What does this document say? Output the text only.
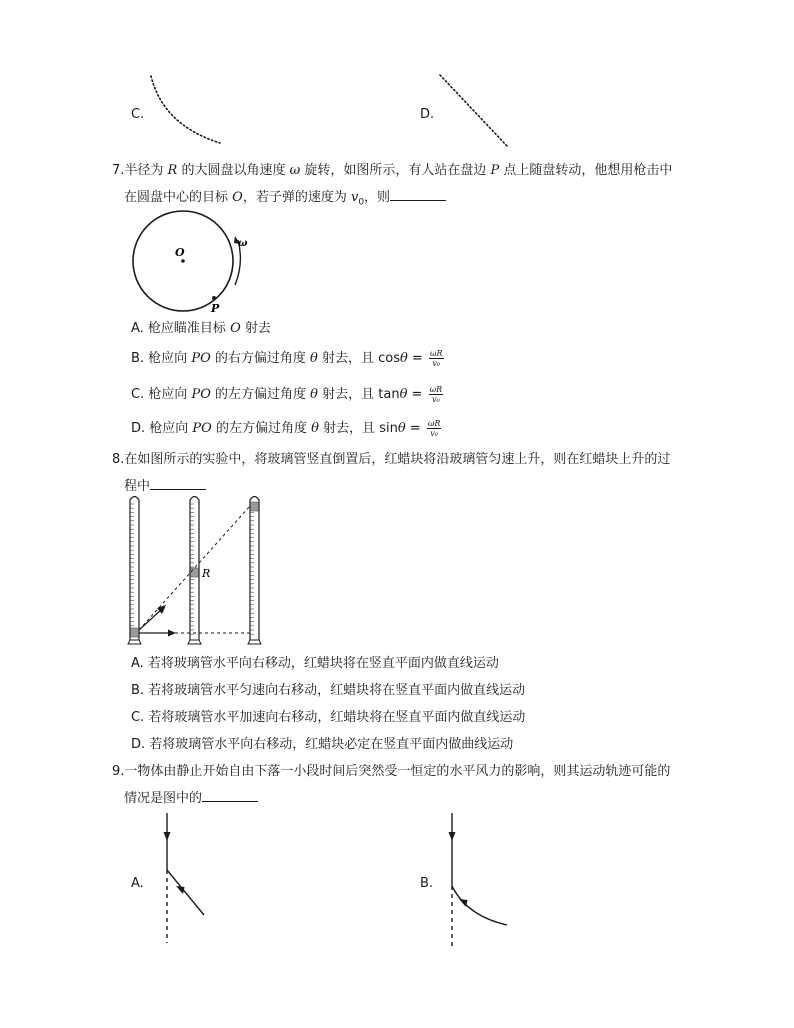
C.	D.
7.半径为 R 的大圆盘以角速度 ω 旋转，如图所示，有人站在盘边 P 点上随盘转动，他想用枪击中
在圆盘中心的目标 O，若子弹的速度为 $v_0$，则
O
P
ω
A. 枪应瞄准目标 O 射去
B. 枪应向 PO 的右方偏过角度 θ 射去，且 $\cos\theta = \frac{\omega R}{\text{v₀}}$
C. 枪应向 PO 的左方偏过角度 θ 射去，且 $\tan\theta = \frac{\omega R}{\text{v₀}}$
D. 枪应向 PO 的左方偏过角度 θ 射去，且 $\sin\theta = \frac{\omega R}{\text{v₀}}$
8.在如图所示的实验中，将玻璃管竖直倒置后，红蜡块将沿玻璃管匀速上升，则在红蜡块上升的过
程中
R
A. 若将玻璃管水平向右移动，红蜡块将在竖直平面内做直线运动
B. 若将玻璃管水平匀速向右移动，红蜡块将在竖直平面内做直线运动
C. 若将玻璃管水平加速向右移动，红蜡块将在竖直平面内做直线运动
D. 若将玻璃管水平向右移动，红蜡块必定在竖直平面内做曲线运动
9.一物体由静止开始自由下落一小段时间后突然受一恒定的水平风力的影响，则其运动轨迹可能的
情况是图中的
A.	B.
